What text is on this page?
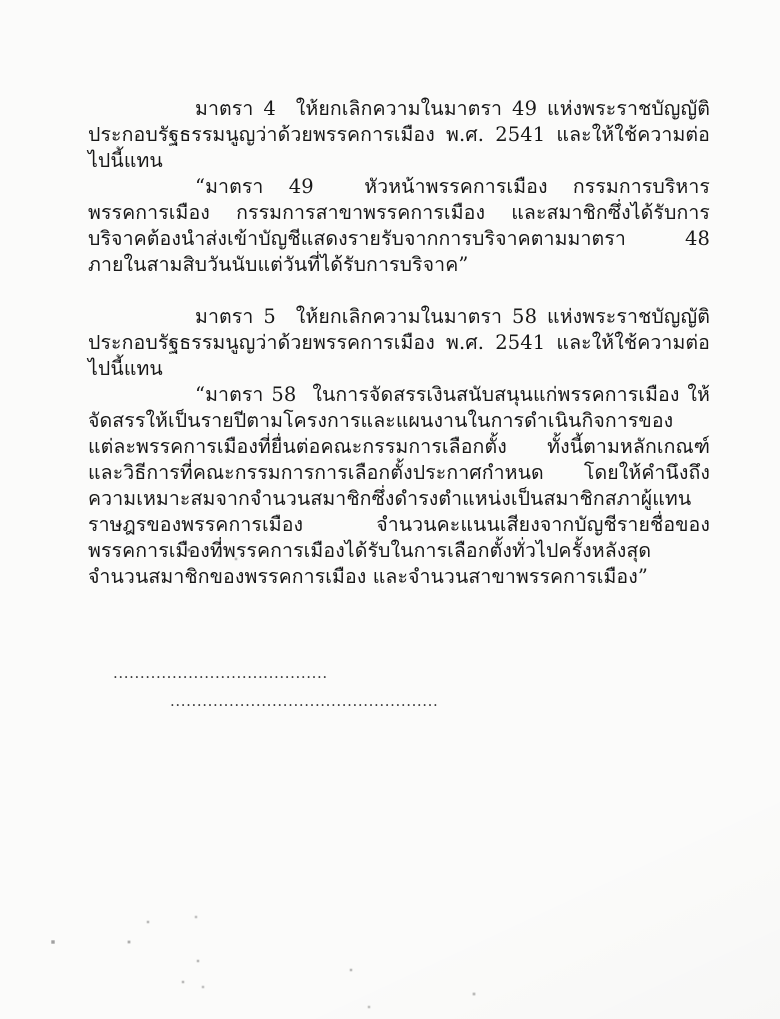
มาตรา 4  ให้ยกเลิกความในมาตรา 49 แห่งพระราชบัญญัติประกอบรัฐธรรมนูญว่าด้วยพรรคการเมือง พ.ศ. 2541 และให้ใช้ความต่อไปนี้แทน

“มาตรา 49  หัวหน้าพรรคการเมือง กรรมการบริหารพรรคการเมือง กรรมการสาขาพรรคการเมือง และสมาชิกซึ่งได้รับการบริจาคต้องนำส่งเข้าบัญชีแสดงรายรับจากการบริจาคตามมาตรา 48 ภายในสามสิบวันนับแต่วันที่ได้รับการบริจาค”

มาตรา 5  ให้ยกเลิกความในมาตรา 58 แห่งพระราชบัญญัติประกอบรัฐธรรมนูญว่าด้วยพรรคการเมือง พ.ศ. 2541 และให้ใช้ความต่อไปนี้แทน

“มาตรา 58  ในการจัดสรรเงินสนับสนุนแก่พรรคการเมือง ให้จัดสรรให้เป็นรายปีตามโครงการและแผนงานในการดำเนินกิจการของแต่ละพรรคการเมืองที่ยื่นต่อคณะกรรมการเลือกตั้ง ทั้งนี้ตามหลักเกณฑ์และวิธีการที่คณะกรรมการการเลือกตั้งประกาศกำหนด โดยให้คำนึงถึงความเหมาะสมจากจำนวนสมาชิกซึ่งดำรงตำแหน่งเป็นสมาชิกสภาผู้แทนราษฎรของพรรคการเมือง จำนวนคะแนนเสียงจากบัญชีรายชื่อของพรรคการเมืองที่พรรคการเมืองได้รับในการเลือกตั้งทั่วไปครั้งหลังสุด  จำนวนสมาชิกของพรรคการเมือง และจำนวนสาขาพรรคการเมือง”

........................................
..................................................
